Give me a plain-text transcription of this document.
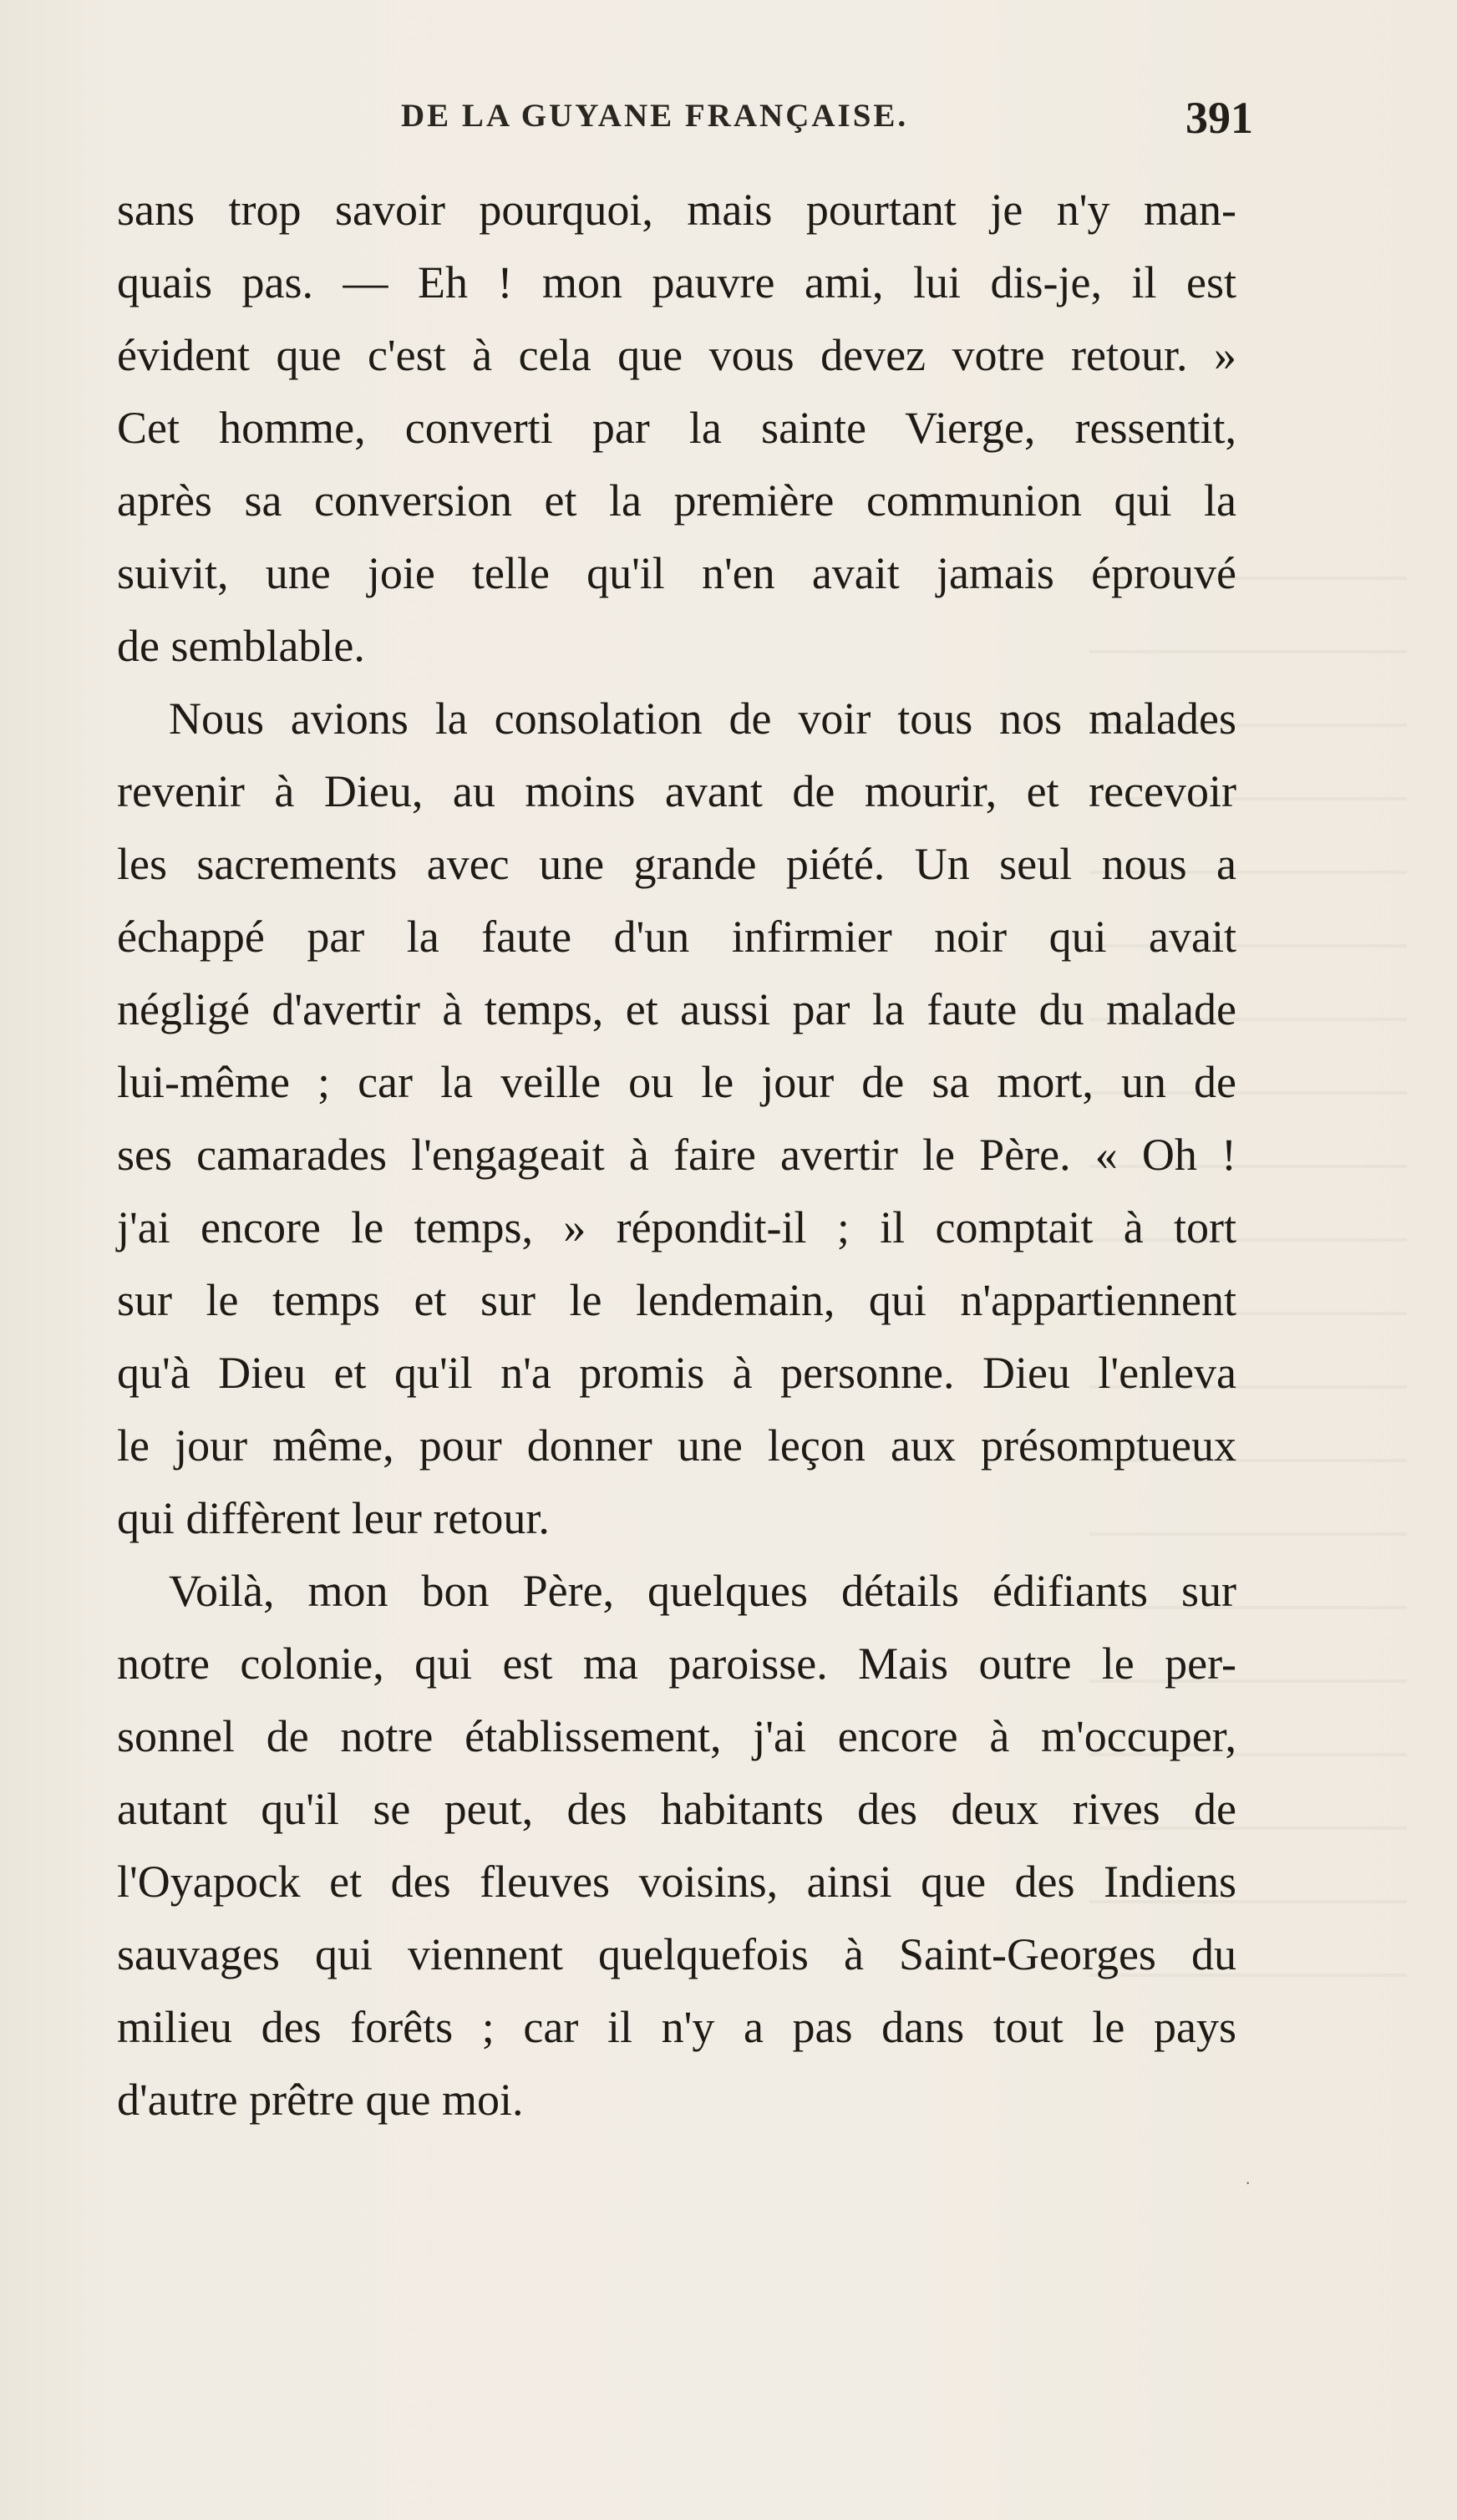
DE LA GUYANE FRANÇAISE.	391
sans trop savoir pourquoi, mais pourtant je n'y man-
quais pas. — Eh ! mon pauvre ami, lui dis-je, il est
évident que c'est à cela que vous devez votre retour. »
Cet homme, converti par la sainte Vierge, ressentit,
après sa conversion et la première communion qui la
suivit, une joie telle qu'il n'en avait jamais éprouvé
de semblable.
Nous avions la consolation de voir tous nos malades
revenir à Dieu, au moins avant de mourir, et recevoir
les sacrements avec une grande piété. Un seul nous a
échappé par la faute d'un infirmier noir qui avait
négligé d'avertir à temps, et aussi par la faute du malade
lui-même ; car la veille ou le jour de sa mort, un de
ses camarades l'engageait à faire avertir le Père. « Oh !
j'ai encore le temps, » répondit-il ; il comptait à tort
sur le temps et sur le lendemain, qui n'appartiennent
qu'à Dieu et qu'il n'a promis à personne. Dieu l'enleva
le jour même, pour donner une leçon aux présomptueux
qui diffèrent leur retour.
Voilà, mon bon Père, quelques détails édifiants sur
notre colonie, qui est ma paroisse. Mais outre le per-
sonnel de notre établissement, j'ai encore à m'occuper,
autant qu'il se peut, des habitants des deux rives de
l'Oyapock et des fleuves voisins, ainsi que des Indiens
sauvages qui viennent quelquefois à Saint-Georges du
milieu des forêts ; car il n'y a pas dans tout le pays
d'autre prêtre que moi.
·
